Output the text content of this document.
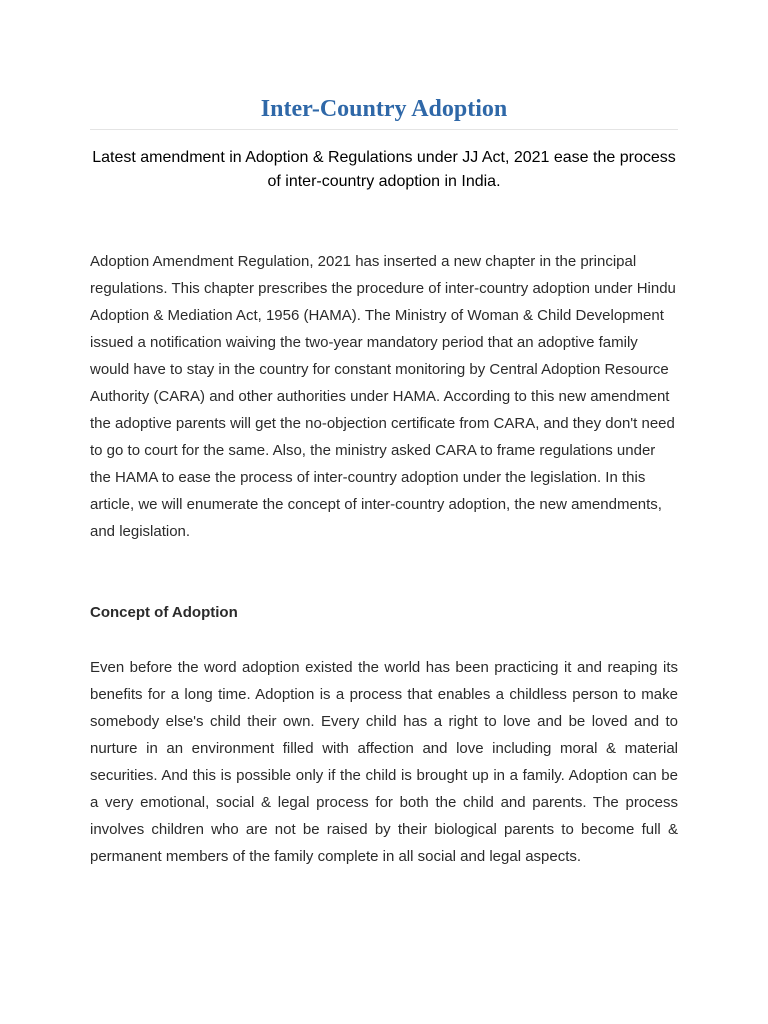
Inter-Country Adoption
Latest amendment in Adoption & Regulations under JJ Act, 2021 ease the process of inter-country adoption in India.

Adoption Amendment Regulation, 2021 has inserted a new chapter in the principal regulations. This chapter prescribes the procedure of inter-country adoption under Hindu Adoption & Mediation Act, 1956 (HAMA). The Ministry of Woman & Child Development issued a notification waiving the two-year mandatory period that an adoptive family would have to stay in the country for constant monitoring by Central Adoption Resource Authority (CARA) and other authorities under HAMA. According to this new amendment the adoptive parents will get the no-objection certificate from CARA, and they don't need to go to court for the same. Also, the ministry asked CARA to frame regulations under the HAMA to ease the process of inter-country adoption under the legislation. In this article, we will enumerate the concept of inter-country adoption, the new amendments, and legislation.

Concept of Adoption

Even before the word adoption existed the world has been practicing it and reaping its benefits for a long time. Adoption is a process that enables a childless person to make somebody else's child their own. Every child has a right to love and be loved and to nurture in an environment filled with affection and love including moral & material securities. And this is possible only if the child is brought up in a family. Adoption can be a very emotional, social & legal process for both the child and parents. The process involves children who are not be raised by their biological parents to become full & permanent members of the family complete in all social and legal aspects.
